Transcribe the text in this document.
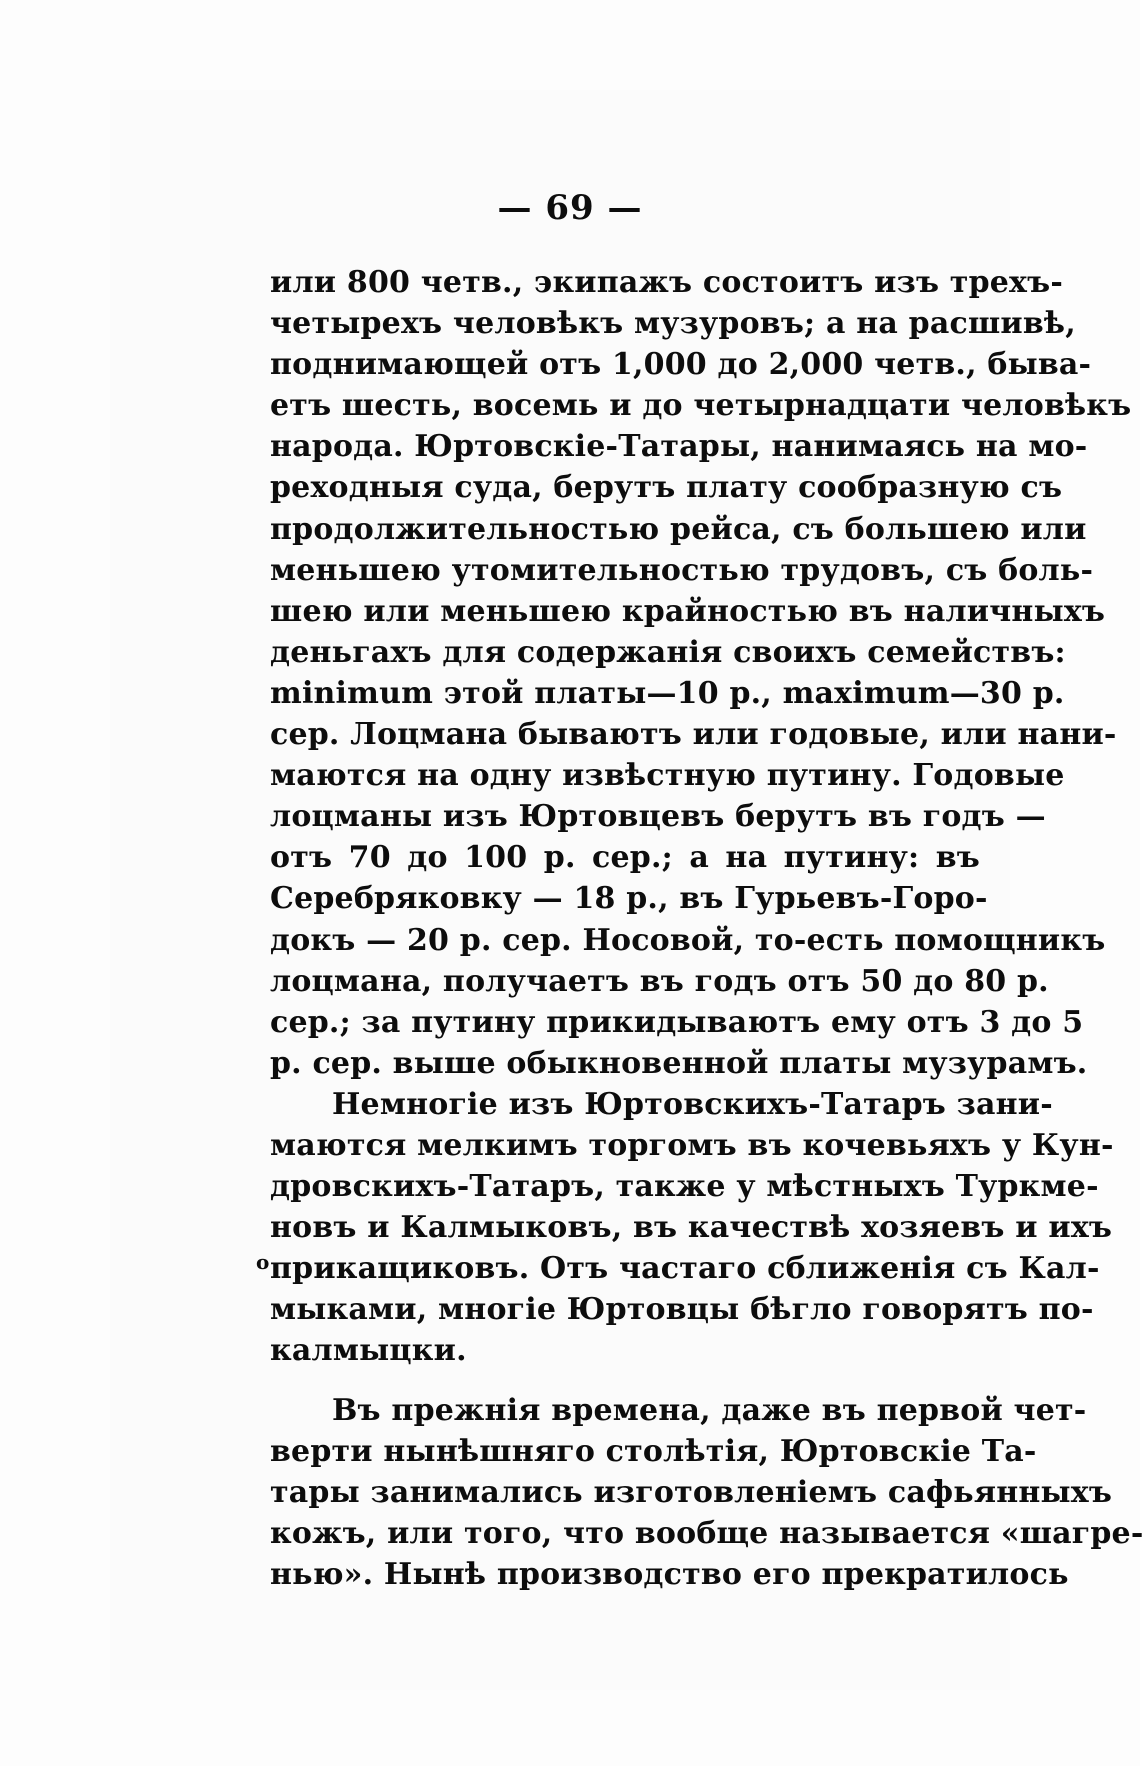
— 69 —
или 800 четв., экипажъ состоитъ изъ трехъ-
четырехъ человѣкъ музуровъ; а на расшивѣ,
поднимающей отъ 1,000 до 2,000 четв., быва-
етъ шесть, восемь и до четырнадцати человѣкъ
народа. Юртовскіе-Татары, нанимаясь на мо-
реходныя суда, берутъ плату сообразную съ
продолжительностью рейса, съ большею или
меньшею утомительностью трудовъ, съ боль-
шею или меньшею крайностью въ наличныхъ
деньгахъ для содержанія своихъ семействъ:
minimum этой платы—10 р., maximum—30 р.
сер. Лоцмана бываютъ или годовые, или нани-
маются на одну извѣстную путину. Годовые
лоцманы изъ Юртовцевъ берутъ въ годъ —
отъ 70 до 100 р. сер.; а на путину: въ
Серебряковку — 18 р., въ Гурьевъ-Горо-
докъ — 20 р. сер. Носовой, то-есть помощникъ
лоцмана, получаетъ въ годъ отъ 50 до 80 р.
сер.; за путину прикидываютъ ему отъ 3 до 5
р. сер. выше обыкновенной платы музурамъ.
Немногіе изъ Юртовскихъ-Татаръ зани-
маются мелкимъ торгомъ въ кочевьяхъ у Кун-
дровскихъ-Татаръ, также у мѣстныхъ Туркме-
новъ и Калмыковъ, въ качествѣ хозяевъ и ихъ
прикащиковъ. Отъ частаго сближенія съ Кал-
мыками, многіе Юртовцы бѣгло говорятъ по-
калмыцки.
Въ прежнія времена, даже въ первой чет-
верти нынѣшняго столѣтія, Юртовскіе Та-
тары занимались изготовленіемъ сафьянныхъ
кожъ, или того, что вообще называется «шагре-
нью». Нынѣ производство его прекратилось
о
